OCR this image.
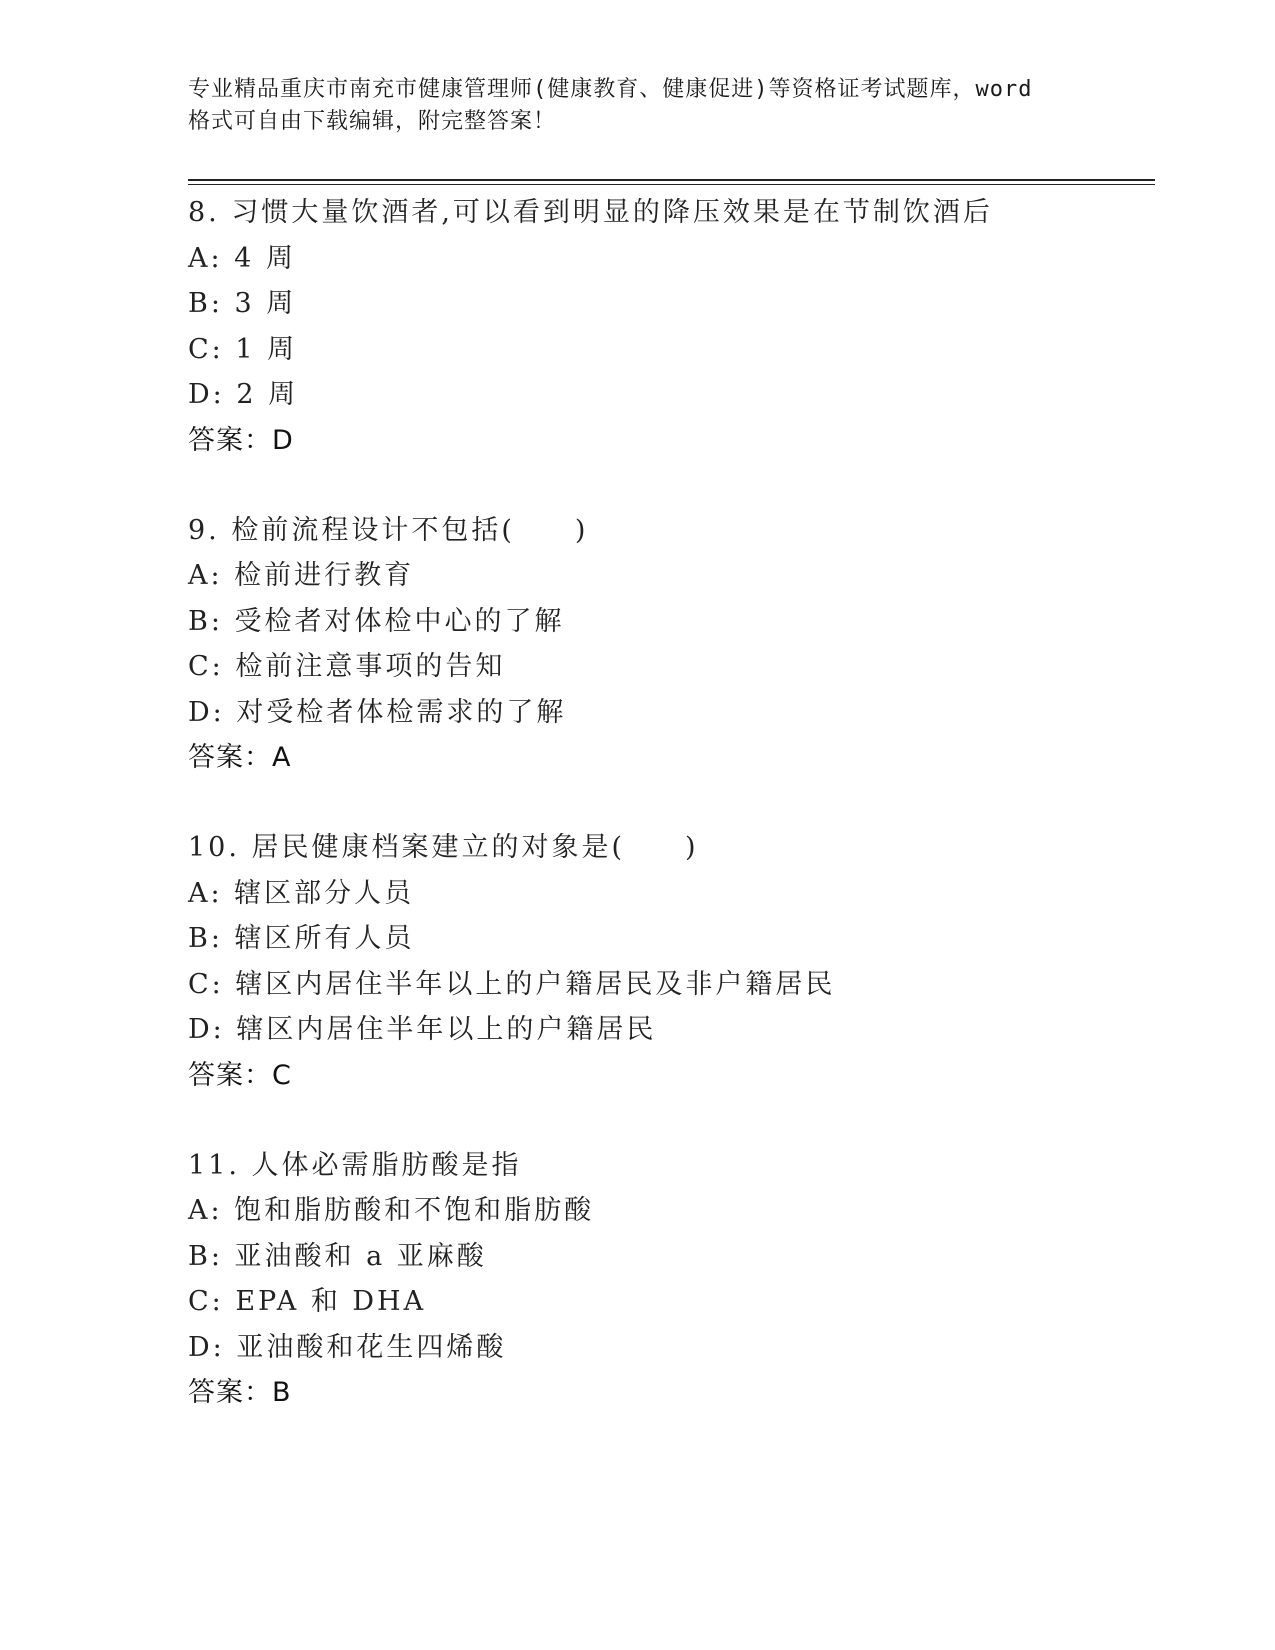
专业精品重庆市南充市健康管理师(健康教育、健康促进)等资格证考试题库，word
格式可自由下载编辑，附完整答案！
8. 习惯大量饮酒者,可以看到明显的降压效果是在节制饮酒后
A: 4 周
B: 3 周
C: 1 周
D: 2 周
答案：D
9. 检前流程设计不包括(　　)
A: 检前进行教育
B: 受检者对体检中心的了解
C: 检前注意事项的告知
D: 对受检者体检需求的了解
答案：A
10. 居民健康档案建立的对象是(　　)
A: 辖区部分人员
B: 辖区所有人员
C: 辖区内居住半年以上的户籍居民及非户籍居民
D: 辖区内居住半年以上的户籍居民
答案：C
11. 人体必需脂肪酸是指
A: 饱和脂肪酸和不饱和脂肪酸
B: 亚油酸和 a 亚麻酸
C: EPA 和 DHA
D: 亚油酸和花生四烯酸
答案：B
